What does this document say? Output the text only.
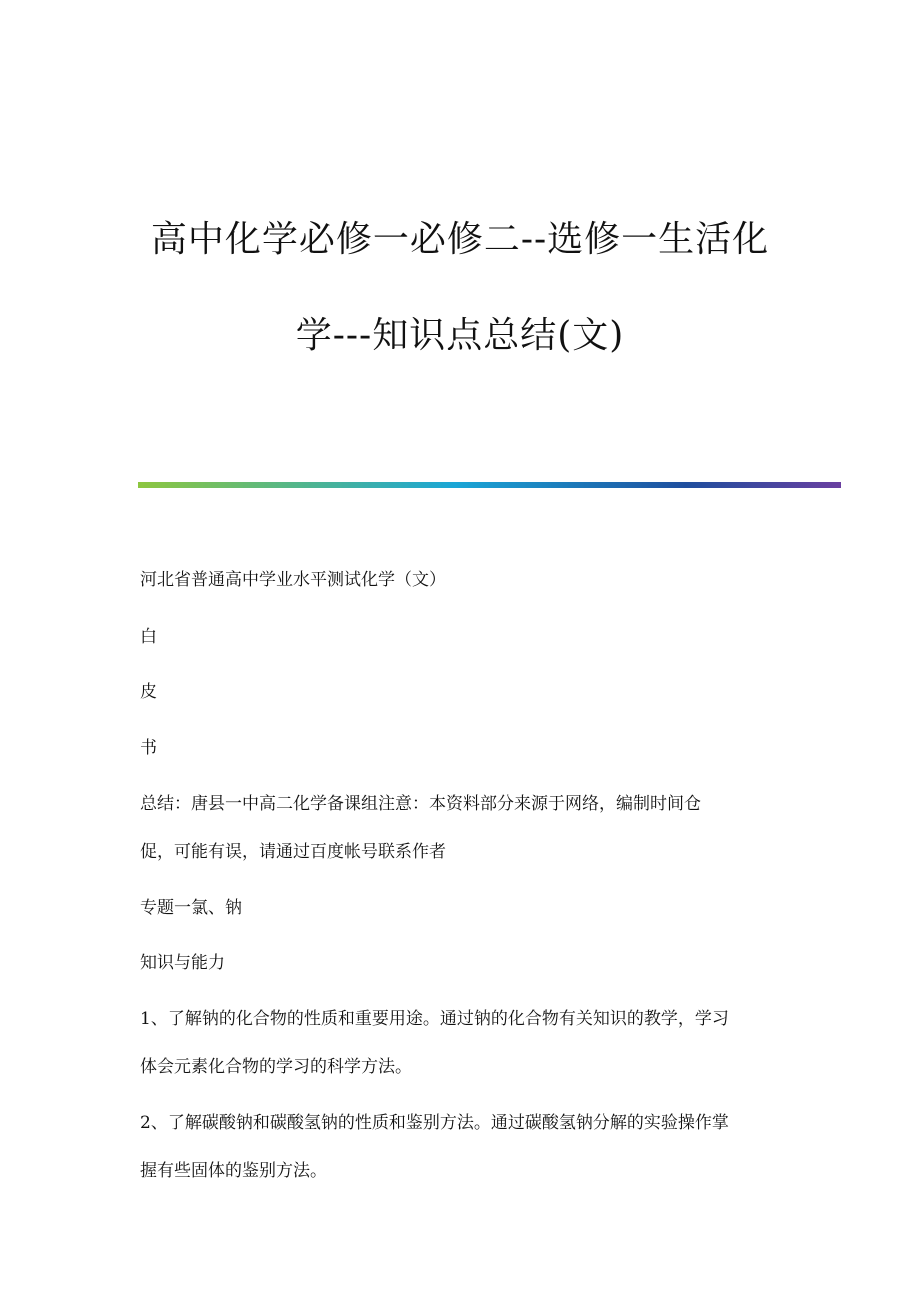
高中化学必修一必修二--选修一生活化
学---知识点总结(文)
河北省普通高中学业水平测试化学（文）
白
皮
书
总结：唐县一中高二化学备课组注意：本资料部分来源于网络，编制时间仓
促，可能有误，请通过百度帐号联系作者
专题一氯、钠
知识与能力
1、了解钠的化合物的性质和重要用途。通过钠的化合物有关知识的教学，学习
体会元素化合物的学习的科学方法。
2、了解碳酸钠和碳酸氢钠的性质和鉴别方法。通过碳酸氢钠分解的实验操作掌
握有些固体的鉴别方法。
